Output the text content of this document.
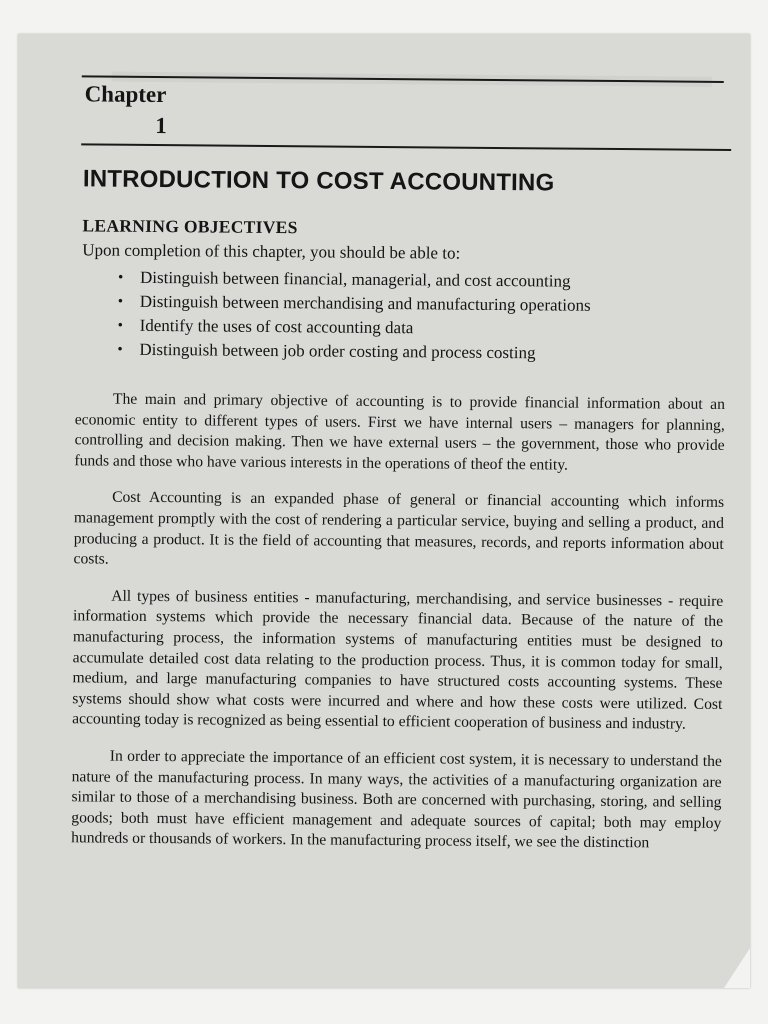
Chapter
1
INTRODUCTION TO COST ACCOUNTING
LEARNING OBJECTIVES
Upon completion of this chapter, you should be able to:
• Distinguish between financial, managerial, and cost accounting
• Distinguish between merchandising and manufacturing operations
• Identify the uses of cost accounting data
• Distinguish between job order costing and process costing

The main and primary objective of accounting is to provide financial information about an economic entity to different types of users. First we have internal users – managers for planning, controlling and decision making. Then we have external users – the government, those who provide funds and those who have various interests in the operations of theof the entity.

Cost Accounting is an expanded phase of general or financial accounting which informs management promptly with the cost of rendering a particular service, buying and selling a product, and producing a product. It is the field of accounting that measures, records, and reports information about costs.

All types of business entities - manufacturing, merchandising, and service businesses - require information systems which provide the necessary financial data. Because of the nature of the manufacturing process, the information systems of manufacturing entities must be designed to accumulate detailed cost data relating to the production process. Thus, it is common today for small, medium, and large manufacturing companies to have structured costs accounting systems. These systems should show what costs were incurred and where and how these costs were utilized. Cost accounting today is recognized as being essential to efficient cooperation of business and industry.

In order to appreciate the importance of an efficient cost system, it is necessary to understand the nature of the manufacturing process. In many ways, the activities of a manufacturing organization are similar to those of a merchandising business. Both are concerned with purchasing, storing, and selling goods; both must have efficient management and adequate sources of capital; both may employ hundreds or thousands of workers. In the manufacturing process itself, we see the distinction
